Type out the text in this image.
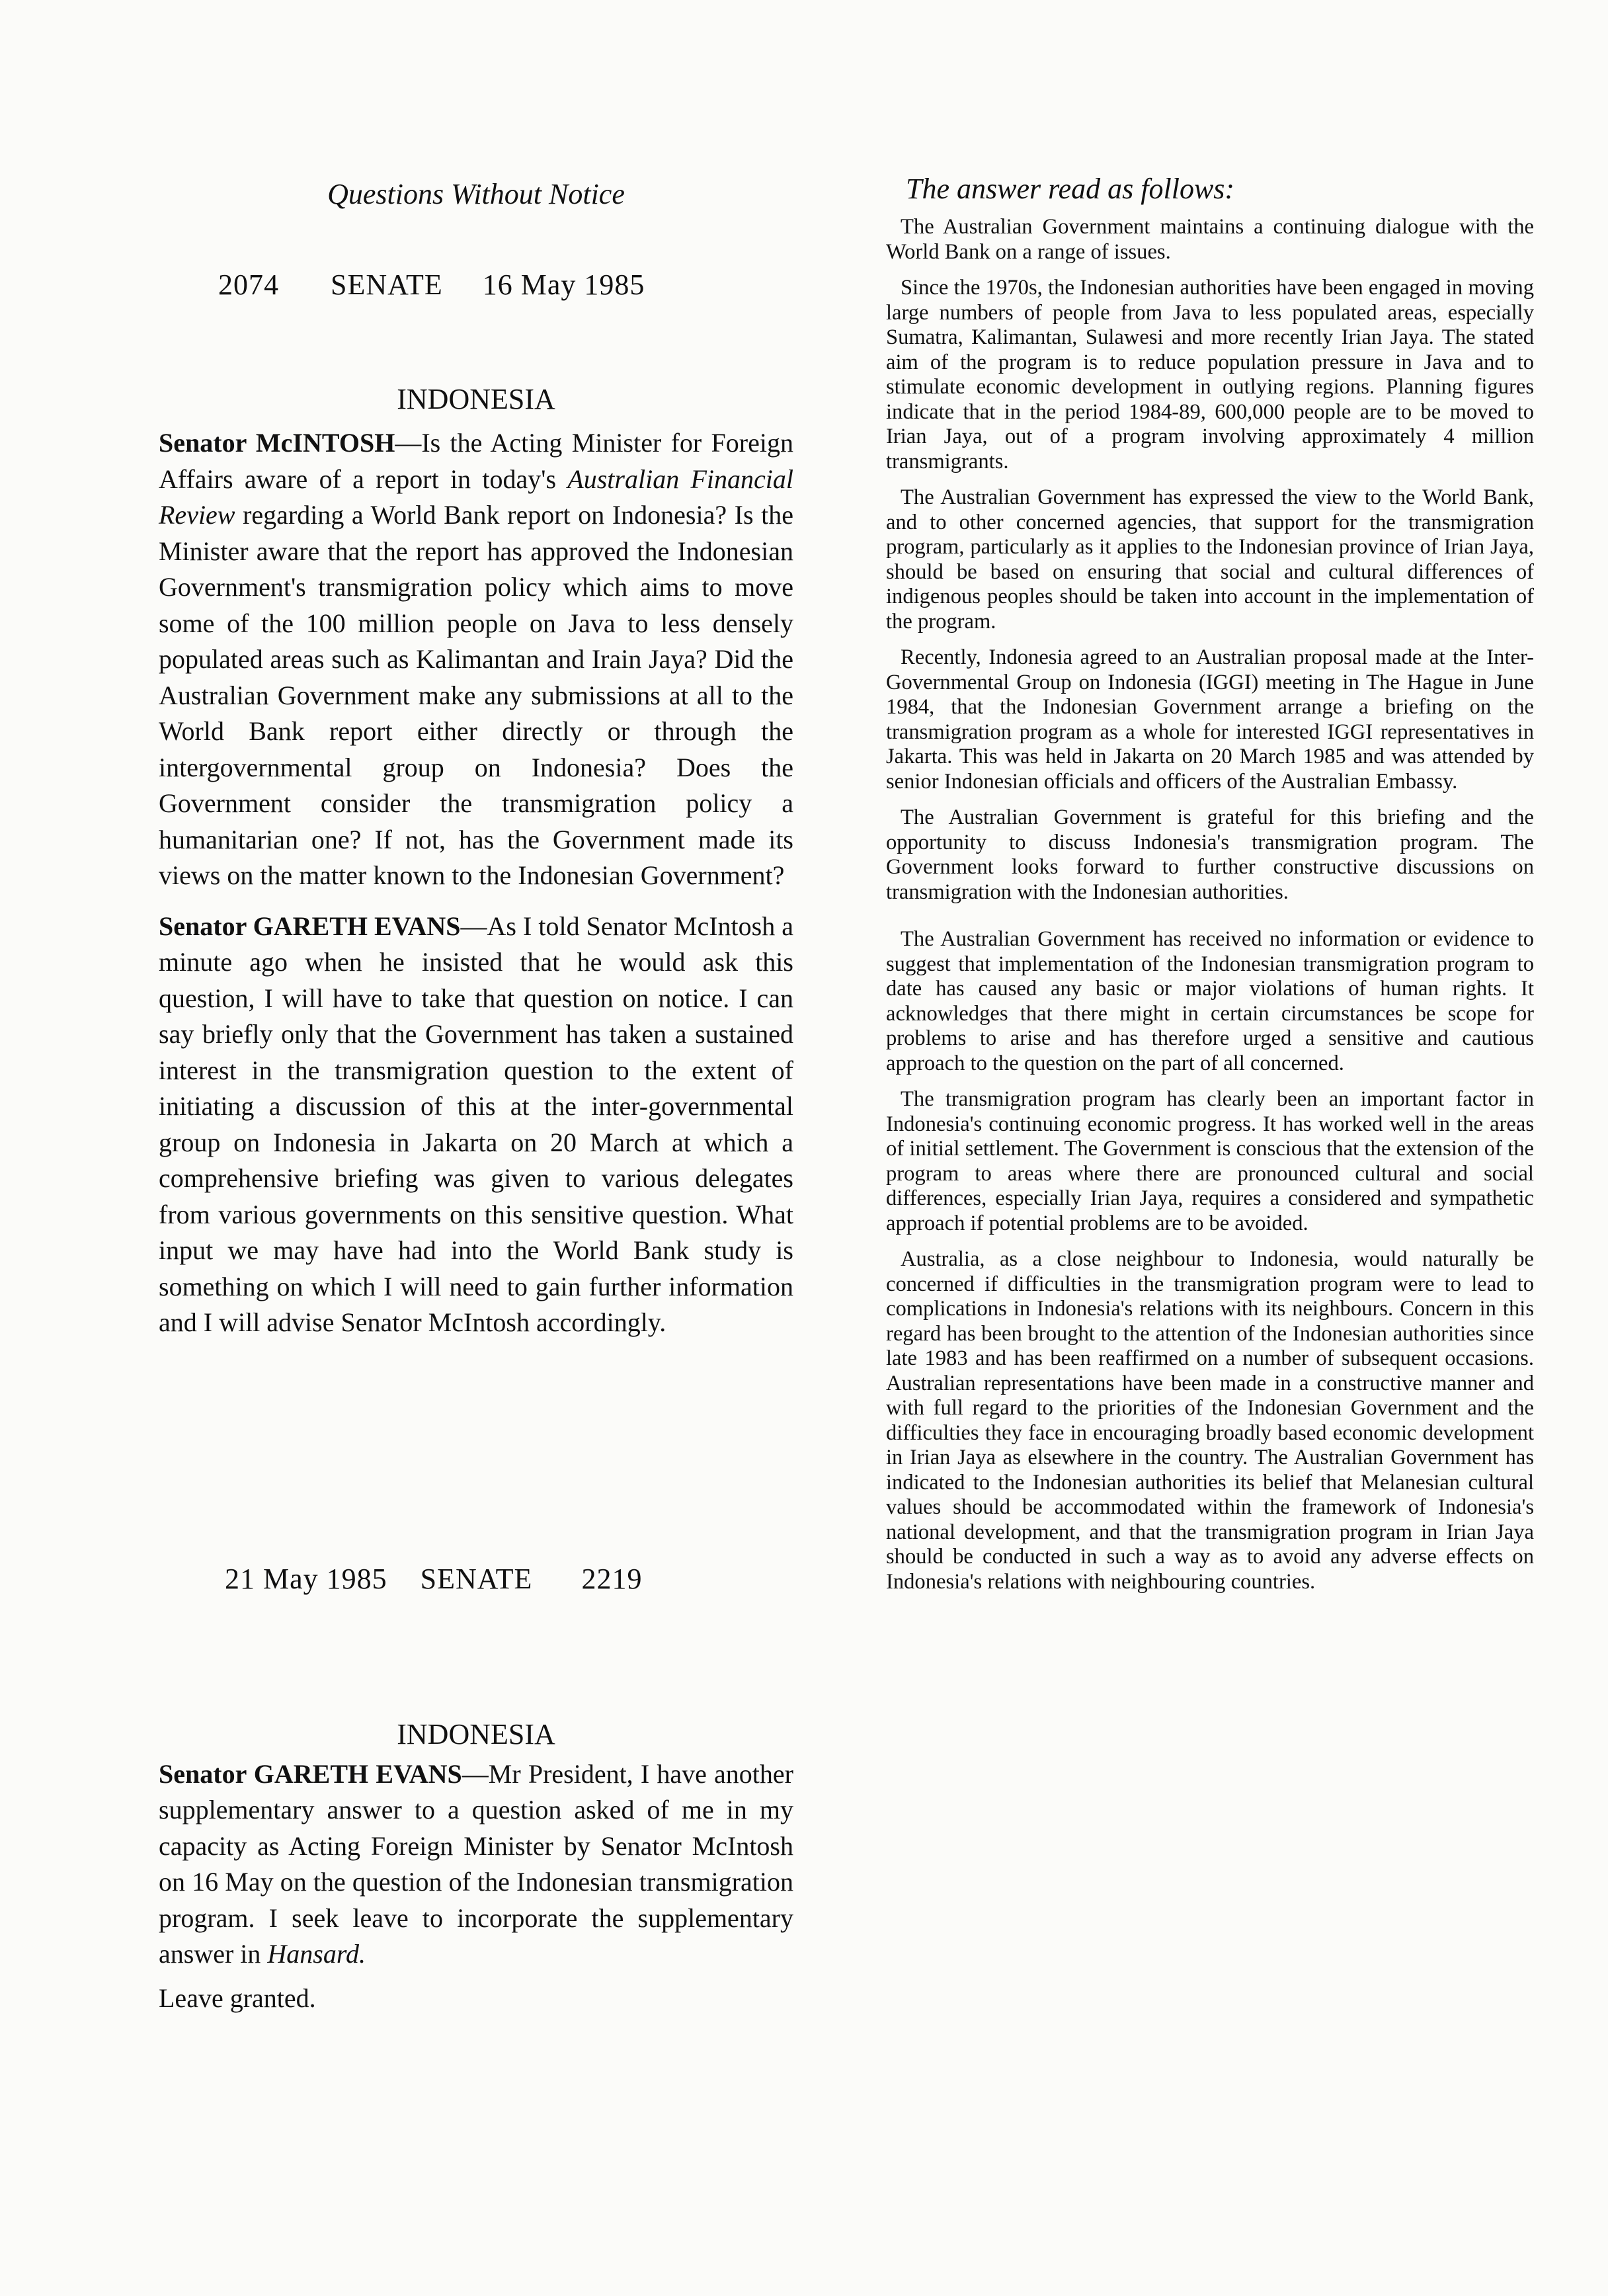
Questions Without Notice

2074 SENATE 16 May 1985

INDONESIA

Senator McINTOSH—Is the Acting Minister for Foreign Affairs aware of a report in today's Australian Financial Review regarding a World Bank report on Indonesia? Is the Minister aware that the report has approved the Indonesian Government's transmigration policy which aims to move some of the 100 million people on Java to less densely populated areas such as Kalimantan and Irain Jaya? Did the Australian Government make any submissions at all to the World Bank report either directly or through the intergovernmental group on Indonesia? Does the Government consider the transmigration policy a humanitarian one? If not, has the Government made its views on the matter known to the Indonesian Government?

Senator GARETH EVANS—As I told Senator McIntosh a minute ago when he insisted that he would ask this question, I will have to take that question on notice. I can say briefly only that the Government has taken a sustained interest in the transmigration question to the extent of initiating a discussion of this at the inter-governmental group on Indonesia in Jakarta on 20 March at which a comprehensive briefing was given to various delegates from various governments on this sensitive question. What input we may have had into the World Bank study is something on which I will need to gain further information and I will advise Senator McIntosh accordingly.

21 May 1985 SENATE 2219

INDONESIA

Senator GARETH EVANS—Mr President, I have another supplementary answer to a question asked of me in my capacity as Acting Foreign Minister by Senator McIntosh on 16 May on the question of the Indonesian transmigration program. I seek leave to incorporate the supplementary answer in Hansard.

Leave granted.

The answer read as follows:

The Australian Government maintains a continuing dialogue with the World Bank on a range of issues.

Since the 1970s, the Indonesian authorities have been engaged in moving large numbers of people from Java to less populated areas, especially Sumatra, Kalimantan, Sulawesi and more recently Irian Jaya. The stated aim of the program is to reduce population pressure in Java and to stimulate economic development in outlying regions. Planning figures indicate that in the period 1984-89, 600,000 people are to be moved to Irian Jaya, out of a program involving approximately 4 million transmigrants.

The Australian Government has expressed the view to the World Bank, and to other concerned agencies, that support for the transmigration program, particularly as it applies to the Indonesian province of Irian Jaya, should be based on ensuring that social and cultural differences of indigenous peoples should be taken into account in the implementation of the program.

Recently, Indonesia agreed to an Australian proposal made at the Inter-Governmental Group on Indonesia (IGGI) meeting in The Hague in June 1984, that the Indonesian Government arrange a briefing on the transmigration program as a whole for interested IGGI representatives in Jakarta. This was held in Jakarta on 20 March 1985 and was attended by senior Indonesian officials and officers of the Australian Embassy.

The Australian Government is grateful for this briefing and the opportunity to discuss Indonesia's transmigration program. The Government looks forward to further constructive discussions on transmigration with the Indonesian authorities.

The Australian Government has received no information or evidence to suggest that implementation of the Indonesian transmigration program to date has caused any basic or major violations of human rights. It acknowledges that there might in certain circumstances be scope for problems to arise and has therefore urged a sensitive and cautious approach to the question on the part of all concerned.

The transmigration program has clearly been an important factor in Indonesia's continuing economic progress. It has worked well in the areas of initial settlement. The Government is conscious that the extension of the program to areas where there are pronounced cultural and social differences, especially Irian Jaya, requires a considered and sympathetic approach if potential problems are to be avoided.

Australia, as a close neighbour to Indonesia, would naturally be concerned if difficulties in the transmigration program were to lead to complications in Indonesia's relations with its neighbours. Concern in this regard has been brought to the attention of the Indonesian authorities since late 1983 and has been reaffirmed on a number of subsequent occasions. Australian representations have been made in a constructive manner and with full regard to the priorities of the Indonesian Government and the difficulties they face in encouraging broadly based economic development in Irian Jaya as elsewhere in the country. The Australian Government has indicated to the Indonesian authorities its belief that Melanesian cultural values should be accommodated within the framework of Indonesia's national development, and that the transmigration program in Irian Jaya should be conducted in such a way as to avoid any adverse effects on Indonesia's relations with neighbouring countries.
